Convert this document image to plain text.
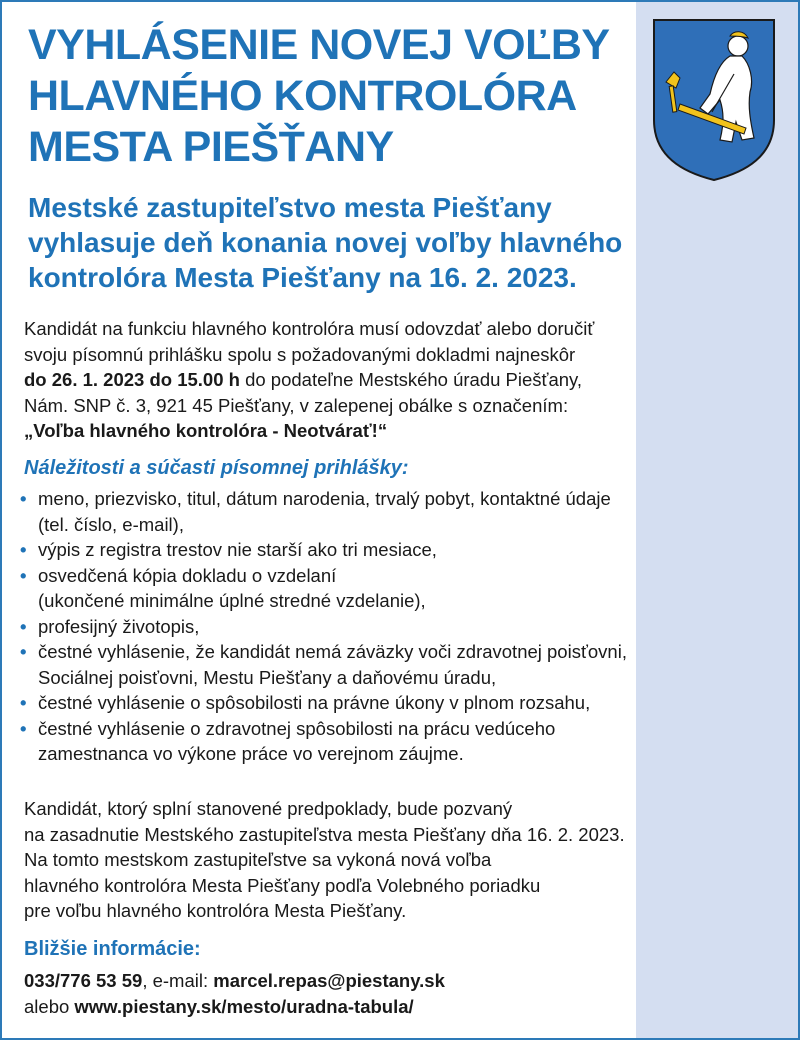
VYHLÁSENIE NOVEJ VOĽBY
HLAVNÉHO KONTROLÓRA
MESTA PIEŠŤANY
Mestské zastupiteľstvo mesta Piešťany
vyhlasuje deň konania novej voľby hlavného
kontrolóra Mesta Piešťany na 16. 2. 2023.

Kandidát na funkciu hlavného kontrolóra musí odovzdať alebo doručiť
svoju písomnú prihlášku spolu s požadovanými dokladmi najneskôr
do 26. 1. 2023 do 15.00 h do podateľne Mestského úradu Piešťany,
Nám. SNP č. 3, 921 45 Piešťany, v zalepenej obálke s označením:
„Voľba hlavného kontrolóra - Neotvárať!“

Náležitosti a súčasti písomnej prihlášky:
• meno, priezvisko, titul, dátum narodenia, trvalý pobyt, kontaktné údaje
(tel. číslo, e-mail),
• výpis z registra trestov nie starší ako tri mesiace,
• osvedčená kópia dokladu o vzdelaní
(ukončené minimálne úplné stredné vzdelanie),
• profesijný životopis,
• čestné vyhlásenie, že kandidát nemá záväzky voči zdravotnej poisťovni,
Sociálnej poisťovni, Mestu Piešťany a daňovému úradu,
• čestné vyhlásenie o spôsobilosti na právne úkony v plnom rozsahu,
• čestné vyhlásenie o zdravotnej spôsobilosti na prácu vedúceho
zamestnanca vo výkone práce vo verejnom záujme.

Kandidát, ktorý splní stanovené predpoklady, bude pozvaný
na zasadnutie Mestského zastupiteľstva mesta Piešťany dňa 16. 2. 2023.
Na tomto mestskom zastupiteľstve sa vykoná nová voľba
hlavného kontrolóra Mesta Piešťany podľa Volebného poriadku
pre voľbu hlavného kontrolóra Mesta Piešťany.

Bližšie informácie:

033/776 53 59, e-mail: marcel.repas@piestany.sk
alebo www.piestany.sk/mesto/uradna-tabula/
